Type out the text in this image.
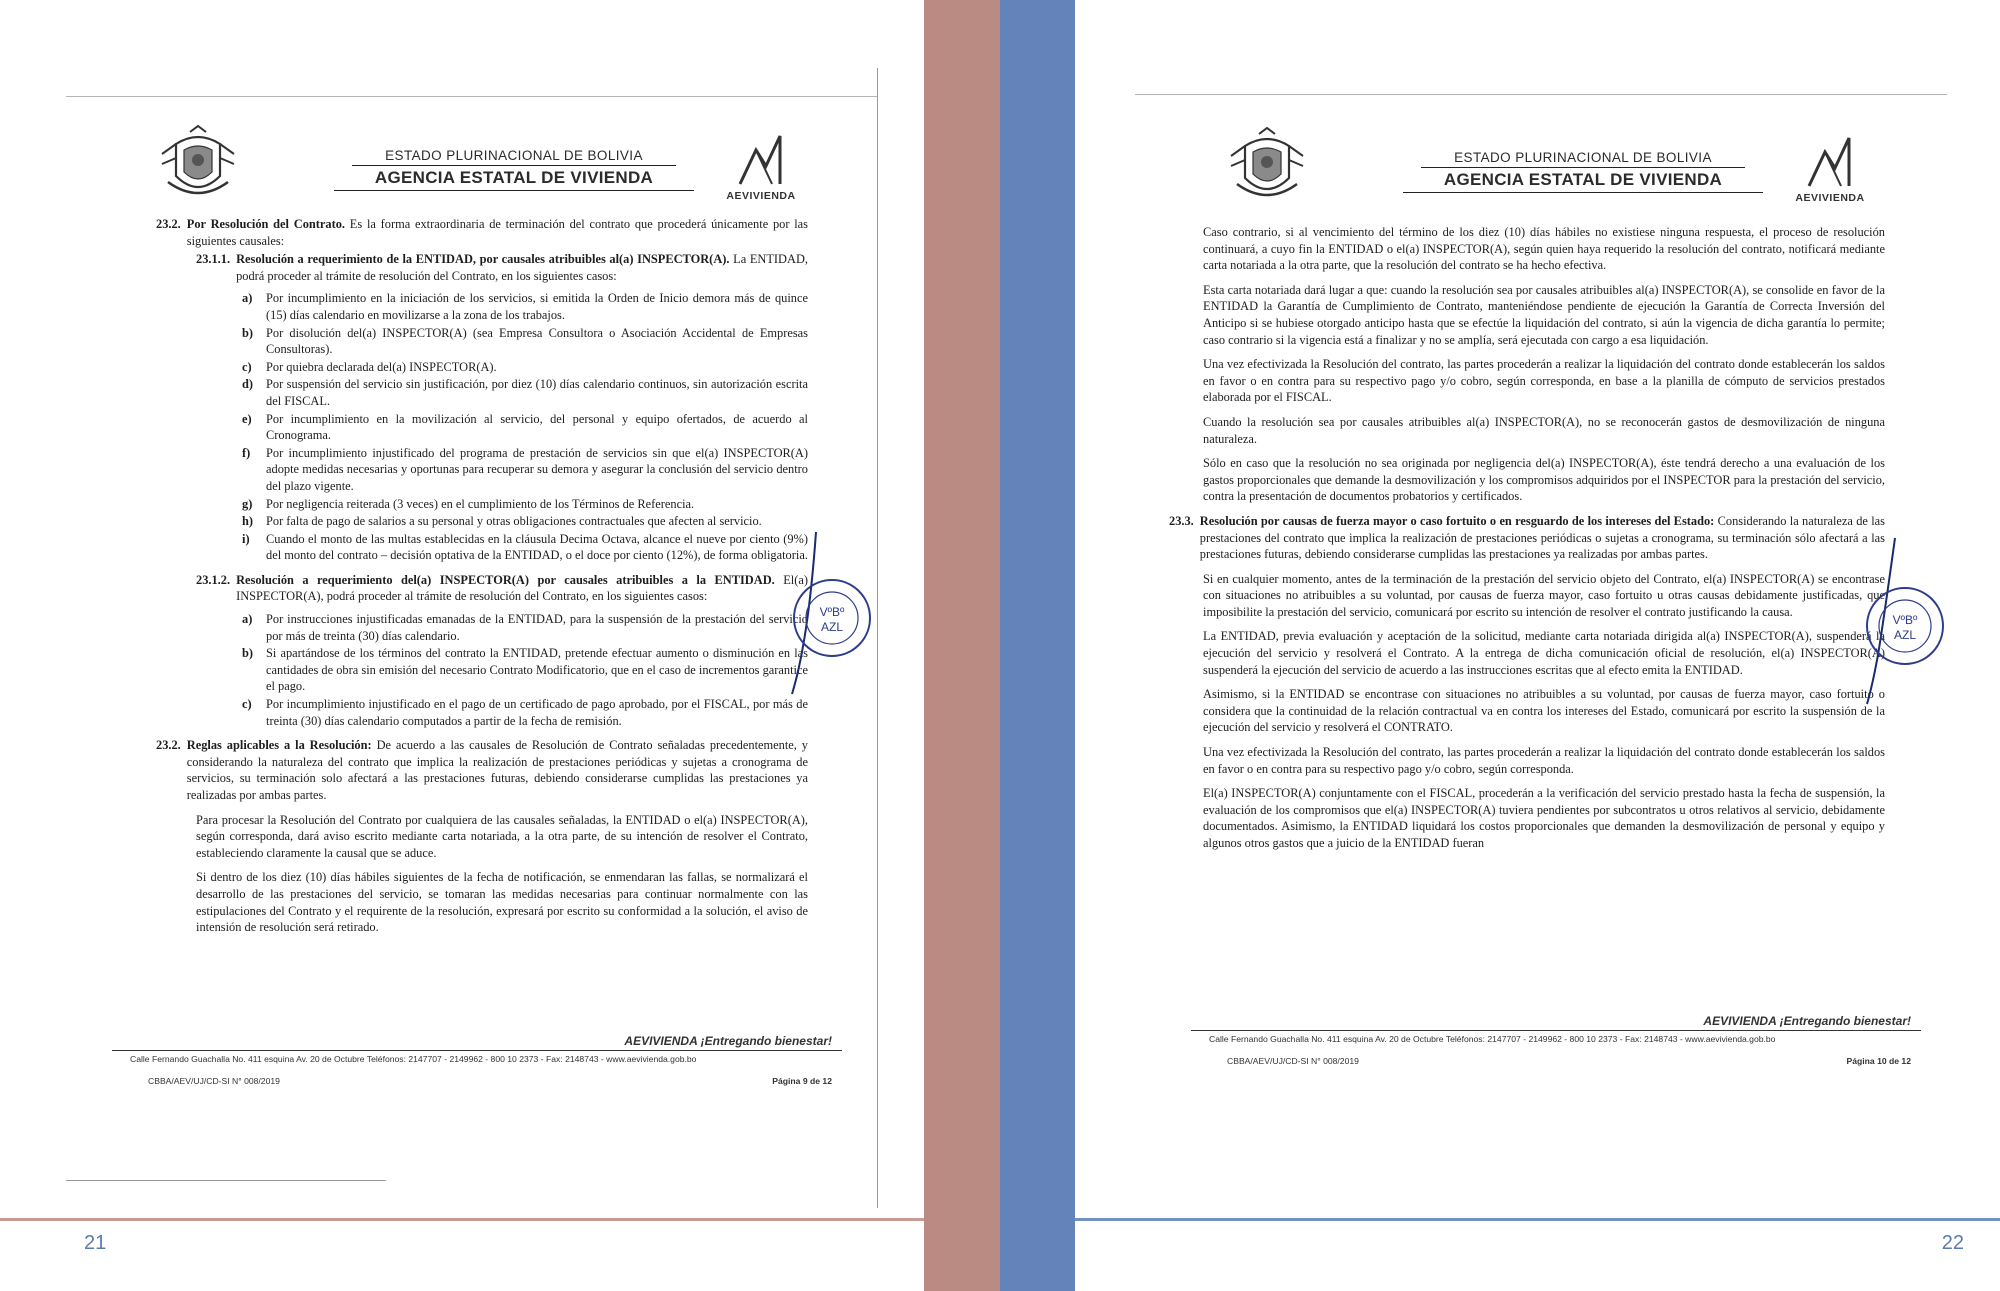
ESTADO PLURINACIONAL DE BOLIVIA
AGENCIA ESTATAL DE VIVIENDA
AEVIVIENDA
23.2. Por Resolución del Contrato. Es la forma extraordinaria de terminación del contrato que procederá únicamente por las siguientes causales:
23.1.1. Resolución a requerimiento de la ENTIDAD, por causales atribuibles al(a) INSPECTOR(A). La ENTIDAD, podrá proceder al trámite de resolución del Contrato, en los siguientes casos:
a)	Por incumplimiento en la iniciación de los servicios, si emitida la Orden de Inicio demora más de quince (15) días calendario en movilizarse a la zona de los trabajos.
b)	Por disolución del(a) INSPECTOR(A) (sea Empresa Consultora o Asociación Accidental de Empresas Consultoras).
c)	Por quiebra declarada del(a) INSPECTOR(A).
d)	Por suspensión del servicio sin justificación, por diez (10) días calendario continuos, sin autorización escrita del FISCAL.
e)	Por incumplimiento en la movilización al servicio, del personal y equipo ofertados, de acuerdo al Cronograma.
f)	Por incumplimiento injustificado del programa de prestación de servicios sin que el(a) INSPECTOR(A) adopte medidas necesarias y oportunas para recuperar su demora y asegurar la conclusión del servicio dentro del plazo vigente.
g)	Por negligencia reiterada (3 veces) en el cumplimiento de los Términos de Referencia.
h)	Por falta de pago de salarios a su personal y otras obligaciones contractuales que afecten al servicio.
i)	Cuando el monto de las multas establecidas en la cláusula Decima Octava, alcance el nueve por ciento (9%) del monto del contrato – decisión optativa de la ENTIDAD, o el doce por ciento (12%), de forma obligatoria.
23.1.2. Resolución a requerimiento del(a) INSPECTOR(A) por causales atribuibles a la ENTIDAD. El(a) INSPECTOR(A), podrá proceder al trámite de resolución del Contrato, en los siguientes casos:
a)	Por instrucciones injustificadas emanadas de la ENTIDAD, para la suspensión de la prestación del servicio por más de treinta (30) días calendario.
b)	Si apartándose de los términos del contrato la ENTIDAD, pretende efectuar aumento o disminución en las cantidades de obra sin emisión del necesario Contrato Modificatorio, que en el caso de incrementos garantice el pago.
c)	Por incumplimiento injustificado en el pago de un certificado de pago aprobado, por el FISCAL, por más de treinta (30) días calendario computados a partir de la fecha de remisión.
23.2. Reglas aplicables a la Resolución: De acuerdo a las causales de Resolución de Contrato señaladas precedentemente, y considerando la naturaleza del contrato que implica la realización de prestaciones periódicas y sujetas a cronograma de servicios, su terminación solo afectará a las prestaciones futuras, debiendo considerarse cumplidas las prestaciones ya realizadas por ambas partes.

Para procesar la Resolución del Contrato por cualquiera de las causales señaladas, la ENTIDAD o el(a) INSPECTOR(A), según corresponda, dará aviso escrito mediante carta notariada, a la otra parte, de su intención de resolver el Contrato, estableciendo claramente la causal que se aduce.

Si dentro de los diez (10) días hábiles siguientes de la fecha de notificación, se enmendaran las fallas, se normalizará el desarrollo de las prestaciones del servicio, se tomaran las medidas necesarias para continuar normalmente con las estipulaciones del Contrato y el requirente de la resolución, expresará por escrito su conformidad a la solución, el aviso de intensión de resolución será retirado.

VºBº
AZL
AEVIVIENDA ¡Entregando bienestar!
Calle Fernando Guachalla No. 411 esquina Av. 20 de Octubre Teléfonos: 2147707 - 2149962 - 800 10 2373 - Fax: 2148743 - www.aevivienda.gob.bo
CBBA/AEV/UJ/CD-SI N° 008/2019	Página 9 de 12
21
ESTADO PLURINACIONAL DE BOLIVIA
AGENCIA ESTATAL DE VIVIENDA
AEVIVIENDA

Caso contrario, si al vencimiento del término de los diez (10) días hábiles no existiese ninguna respuesta, el proceso de resolución continuará, a cuyo fin la ENTIDAD o el(a) INSPECTOR(A), según quien haya requerido la resolución del contrato, notificará mediante carta notariada a la otra parte, que la resolución del contrato se ha hecho efectiva.

Esta carta notariada dará lugar a que: cuando la resolución sea por causales atribuibles al(a) INSPECTOR(A), se consolide en favor de la ENTIDAD la Garantía de Cumplimiento de Contrato, manteniéndose pendiente de ejecución la Garantía de Correcta Inversión del Anticipo si se hubiese otorgado anticipo hasta que se efectúe la liquidación del contrato, si aún la vigencia de dicha garantía lo permite; caso contrario si la vigencia está a finalizar y no se amplía, será ejecutada con cargo a esa liquidación.

Una vez efectivizada la Resolución del contrato, las partes procederán a realizar la liquidación del contrato donde establecerán los saldos en favor o en contra para su respectivo pago y/o cobro, según corresponda, en base a la planilla de cómputo de servicios prestados elaborada por el FISCAL.

Cuando la resolución sea por causales atribuibles al(a) INSPECTOR(A), no se reconocerán gastos de desmovilización de ninguna naturaleza.

Sólo en caso que la resolución no sea originada por negligencia del(a) INSPECTOR(A), éste tendrá derecho a una evaluación de los gastos proporcionales que demande la desmovilización y los compromisos adquiridos por el INSPECTOR para la prestación del servicio, contra la presentación de documentos probatorios y certificados.

23.3. Resolución por causas de fuerza mayor o caso fortuito o en resguardo de los intereses del Estado: Considerando la naturaleza de las prestaciones del contrato que implica la realización de prestaciones periódicas o sujetas a cronograma, su terminación sólo afectará a las prestaciones futuras, debiendo considerarse cumplidas las prestaciones ya realizadas por ambas partes.

Si en cualquier momento, antes de la terminación de la prestación del servicio objeto del Contrato, el(a) INSPECTOR(A) se encontrase con situaciones no atribuibles a su voluntad, por causas de fuerza mayor, caso fortuito u otras causas debidamente justificadas, que imposibilite la prestación del servicio, comunicará por escrito su intención de resolver el contrato justificando la causa.

La ENTIDAD, previa evaluación y aceptación de la solicitud, mediante carta notariada dirigida al(a) INSPECTOR(A), suspenderá la ejecución del servicio y resolverá el Contrato. A la entrega de dicha comunicación oficial de resolución, el(a) INSPECTOR(A) suspenderá la ejecución del servicio de acuerdo a las instrucciones escritas que al efecto emita la ENTIDAD.

Asimismo, si la ENTIDAD se encontrase con situaciones no atribuibles a su voluntad, por causas de fuerza mayor, caso fortuito o considera que la continuidad de la relación contractual va en contra los intereses del Estado, comunicará por escrito la suspensión de la ejecución del servicio y resolverá el CONTRATO.

Una vez efectivizada la Resolución del contrato, las partes procederán a realizar la liquidación del contrato donde establecerán los saldos en favor o en contra para su respectivo pago y/o cobro, según corresponda.

El(a) INSPECTOR(A) conjuntamente con el FISCAL, procederán a la verificación del servicio prestado hasta la fecha de suspensión, la evaluación de los compromisos que el(a) INSPECTOR(A) tuviera pendientes por subcontratos u otros relativos al servicio, debidamente documentados. Asimismo, la ENTIDAD liquidará los costos proporcionales que demanden la desmovilización de personal y equipo y algunos otros gastos que a juicio de la ENTIDAD fueran

VºBº
AZL
AEVIVIENDA ¡Entregando bienestar!
Calle Fernando Guachalla No. 411 esquina Av. 20 de Octubre Teléfonos: 2147707 - 2149962 - 800 10 2373 - Fax: 2148743 - www.aevivienda.gob.bo
CBBA/AEV/UJ/CD-SI N° 008/2019	Página 10 de 12
22
